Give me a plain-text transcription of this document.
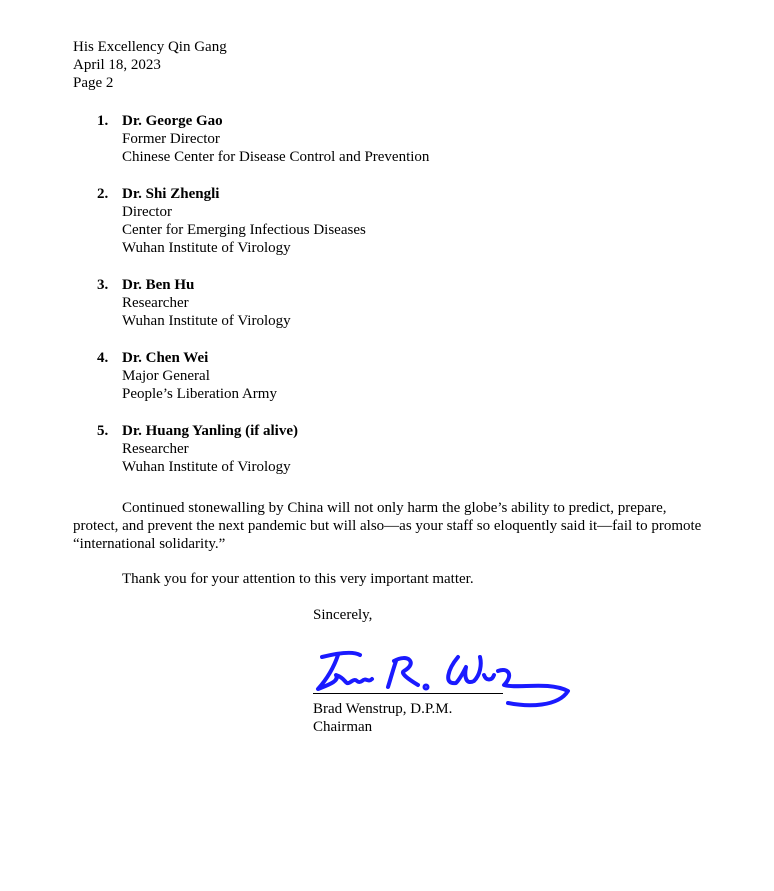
His Excellency Qin Gang
April 18, 2023
Page 2
1. Dr. George Gao
Former Director
Chinese Center for Disease Control and Prevention
2. Dr. Shi Zhengli
Director
Center for Emerging Infectious Diseases
Wuhan Institute of Virology
3. Dr. Ben Hu
Researcher
Wuhan Institute of Virology
4. Dr. Chen Wei
Major General
People’s Liberation Army
5. Dr. Huang Yanling (if alive)
Researcher
Wuhan Institute of Virology
Continued stonewalling by China will not only harm the globe’s ability to predict, prepare, protect, and prevent the next pandemic but will also—as your staff so eloquently said it—fail to promote “international solidarity.”
Thank you for your attention to this very important matter.
Sincerely,
Brad Wenstrup, D.P.M.
Chairman
